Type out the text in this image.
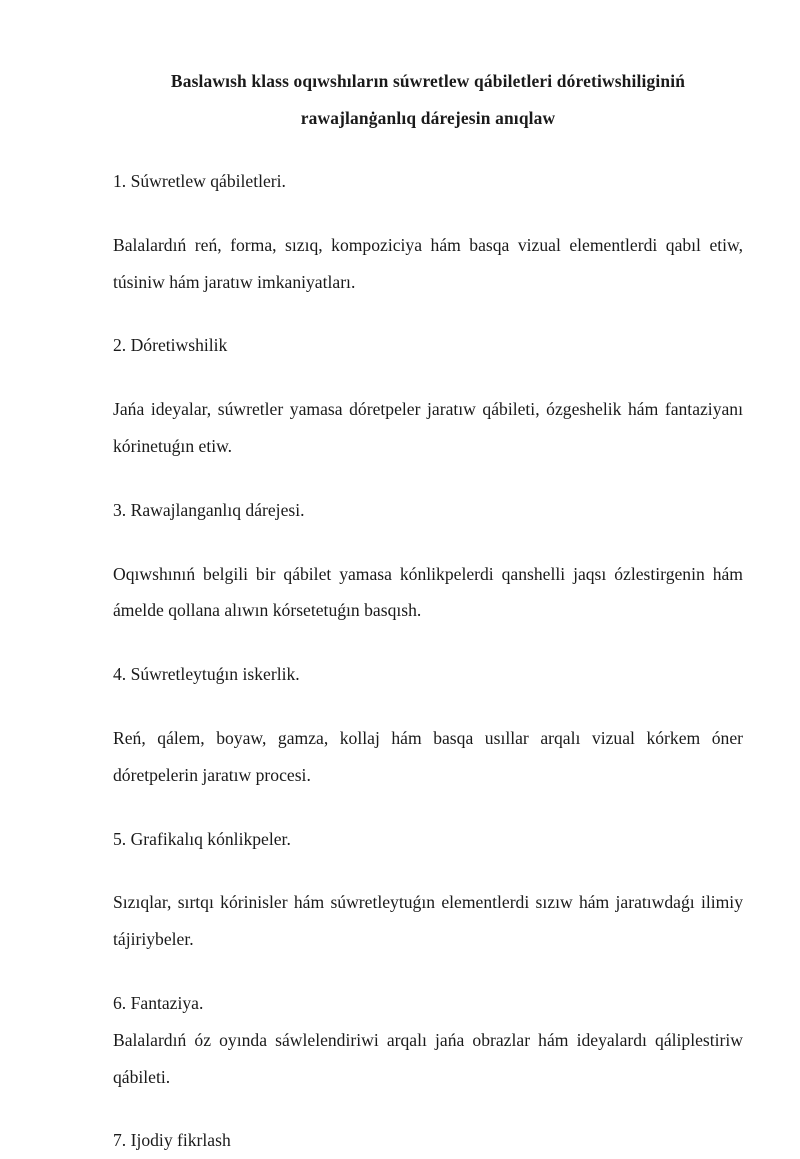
Baslawısh klass oqıwshıların súwretlew qábiletleri dóretiwshiliginiń
rawajlanġanlıq dárejesin anıqlaw

1. Súwretlew qábiletleri.

Balalardıń reń, forma, sızıq, kompoziciya hám basqa vizual elementlerdi qabıl etiw, túsiniw hám jaratıw imkaniyatları.

2. Dóretiwshilik

Jańa ideyalar, súwretler yamasa dóretpeler jaratıw qábileti, ózgeshelik hám fantaziyanı kórinetuǵın etiw.

3. Rawajlanganlıq dárejesi.

Oqıwshınıń belgili bir qábilet yamasa kónlikpelerdi qanshelli jaqsı ózlestirgenin hám ámelde qollana alıwın kórsetetuǵın basqısh.

4. Súwretleytuǵın iskerlik.

Reń, qálem, boyaw, gamza, kollaj hám basqa usıllar arqalı vizual kórkem óner dóretpelerin jaratıw procesi.

5. Grafikalıq kónlikpeler.

Sızıqlar, sırtqı kórinisler hám súwretleytuǵın elementlerdi sızıw hám jaratıwdaǵı ilimiy tájiriybeler.

6. Fantaziya.

Balalardıń óz oyında sáwlelendiriwi arqalı jańa obrazlar hám ideyalardı qáliplestiriw qábileti.

7. Ijodiy fikrlash
